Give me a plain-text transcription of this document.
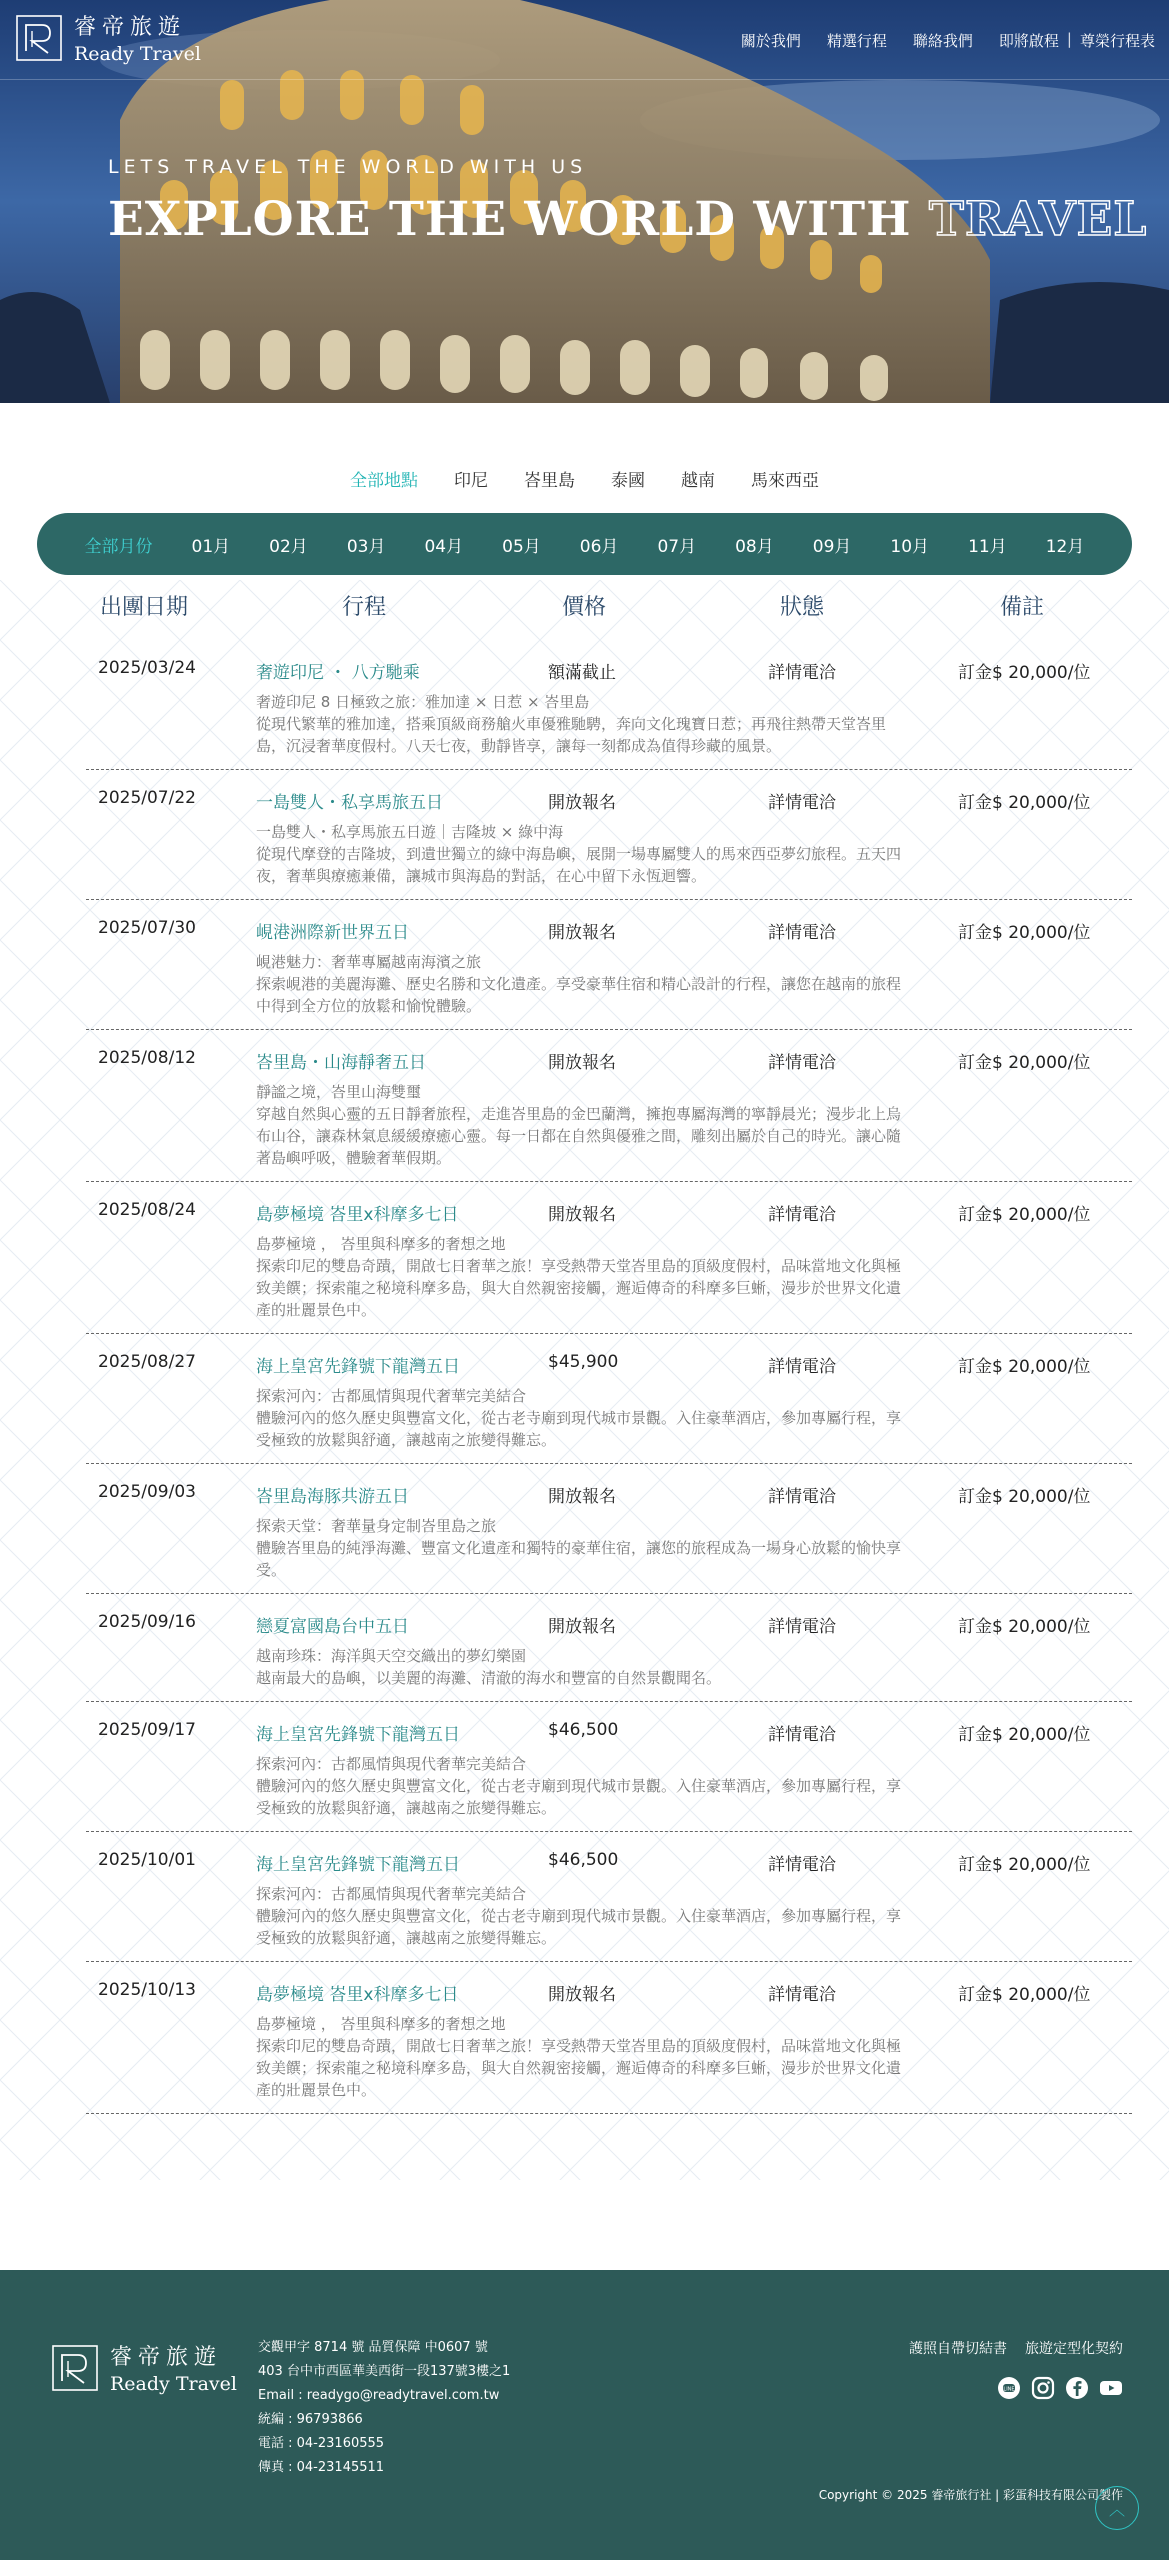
睿帝旅遊
Ready Travel
關於我們 精選行程 聯絡我們 即將啟程 | 尊榮行程表
LETS TRAVEL THE WORLD WITH US
EXPLORE THE WORLD WITH TRAVEL
全部地點 印尼 峇里島 泰國 越南 馬來西亞
全部月份 01月 02月 03月 04月 05月 06月 07月 08月 09月 10月 11月 12月
出團日期	行程	價格	狀態	備註
2025/03/24	奢遊印尼 ・ 八方馳乘
奢遊印尼 8 日極致之旅：雅加達 × 日惹 × 峇里島
從現代繁華的雅加達，搭乘頂級商務艙火車優雅馳騁，奔向文化瑰寶日惹；再飛往熱帶天堂峇里島，沉浸奢華度假村。八天七夜，動靜皆享，讓每一刻都成為值得珍藏的風景。
額滿截止	詳情電洽	訂金$ 20,000/位
2025/07/22	一島雙人・私享馬旅五日
一島雙人・私享馬旅五日遊｜吉隆坡 × 綠中海
從現代摩登的吉隆坡，到遺世獨立的綠中海島嶼，展開一場專屬雙人的馬來西亞夢幻旅程。五天四夜，奢華與療癒兼備，讓城市與海島的對話，在心中留下永恆迴響。
開放報名	詳情電洽	訂金$ 20,000/位
2025/07/30	峴港洲際新世界五日
峴港魅力：奢華專屬越南海濱之旅
探索峴港的美麗海灘、歷史名勝和文化遺產。享受豪華住宿和精心設計的行程，讓您在越南的旅程中得到全方位的放鬆和愉悅體驗。
開放報名	詳情電洽	訂金$ 20,000/位
2025/08/12	峇里島・山海靜奢五日
靜謐之境，峇里山海雙璽
穿越自然與心靈的五日靜奢旅程，走進峇里島的金巴蘭灣，擁抱專屬海灣的寧靜晨光；漫步北上烏布山谷，讓森林氣息緩緩療癒心靈。每一日都在自然與優雅之間，雕刻出屬於自己的時光。讓心隨著島嶼呼吸，體驗奢華假期。
開放報名	詳情電洽	訂金$ 20,000/位
2025/08/24	島夢極境 峇里x科摩多七日
島夢極境 ， 峇里與科摩多的奢想之地
探索印尼的雙島奇蹟，開啟七日奢華之旅！享受熱帶天堂峇里島的頂級度假村，品味當地文化與極致美饌；探索龍之秘境科摩多島，與大自然親密接觸，邂逅傳奇的科摩多巨蜥，漫步於世界文化遺產的壯麗景色中。
開放報名	詳情電洽	訂金$ 20,000/位
2025/08/27	海上皇宮先鋒號下龍灣五日
探索河內：古都風情與現代奢華完美結合
體驗河內的悠久歷史與豐富文化，從古老寺廟到現代城市景觀。入住豪華酒店，參加專屬行程，享受極致的放鬆與舒適，讓越南之旅變得難忘。
$45,900	詳情電洽	訂金$ 20,000/位
2025/09/03	峇里島海豚共游五日
探索天堂：奢華量身定制峇里島之旅
體驗峇里島的純淨海灘、豐富文化遺產和獨特的豪華住宿，讓您的旅程成為一場身心放鬆的愉快享受。
開放報名	詳情電洽	訂金$ 20,000/位
2025/09/16	戀夏富國島台中五日
越南珍珠：海洋與天空交織出的夢幻樂園
越南最大的島嶼，以美麗的海灘、清澈的海水和豐富的自然景觀聞名。
開放報名	詳情電洽	訂金$ 20,000/位
2025/09/17	海上皇宮先鋒號下龍灣五日
探索河內：古都風情與現代奢華完美結合
體驗河內的悠久歷史與豐富文化，從古老寺廟到現代城市景觀。入住豪華酒店，參加專屬行程，享受極致的放鬆與舒適，讓越南之旅變得難忘。
$46,500	詳情電洽	訂金$ 20,000/位
2025/10/01	海上皇宮先鋒號下龍灣五日
探索河內：古都風情與現代奢華完美結合
體驗河內的悠久歷史與豐富文化，從古老寺廟到現代城市景觀。入住豪華酒店，參加專屬行程，享受極致的放鬆與舒適，讓越南之旅變得難忘。
$46,500	詳情電洽	訂金$ 20,000/位
2025/10/13	島夢極境 峇里x科摩多七日
島夢極境 ， 峇里與科摩多的奢想之地
探索印尼的雙島奇蹟，開啟七日奢華之旅！享受熱帶天堂峇里島的頂級度假村，品味當地文化與極致美饌；探索龍之秘境科摩多島，與大自然親密接觸，邂逅傳奇的科摩多巨蜥，漫步於世界文化遺產的壯麗景色中。
開放報名	詳情電洽	訂金$ 20,000/位
睿帝旅遊
Ready Travel
交觀甲字 8714 號 品質保障 中0607 號
403 台中市西區華美西街一段137號3樓之1
Email : readygo@readytravel.com.tw
統編 : 96793866
電話 : 04-23160555
傳真 : 04-23145511
護照自帶切結書 旅遊定型化契約
LINE
Copyright © 2025 睿帝旅行社 | 彩蛋科技有限公司製作
︿
